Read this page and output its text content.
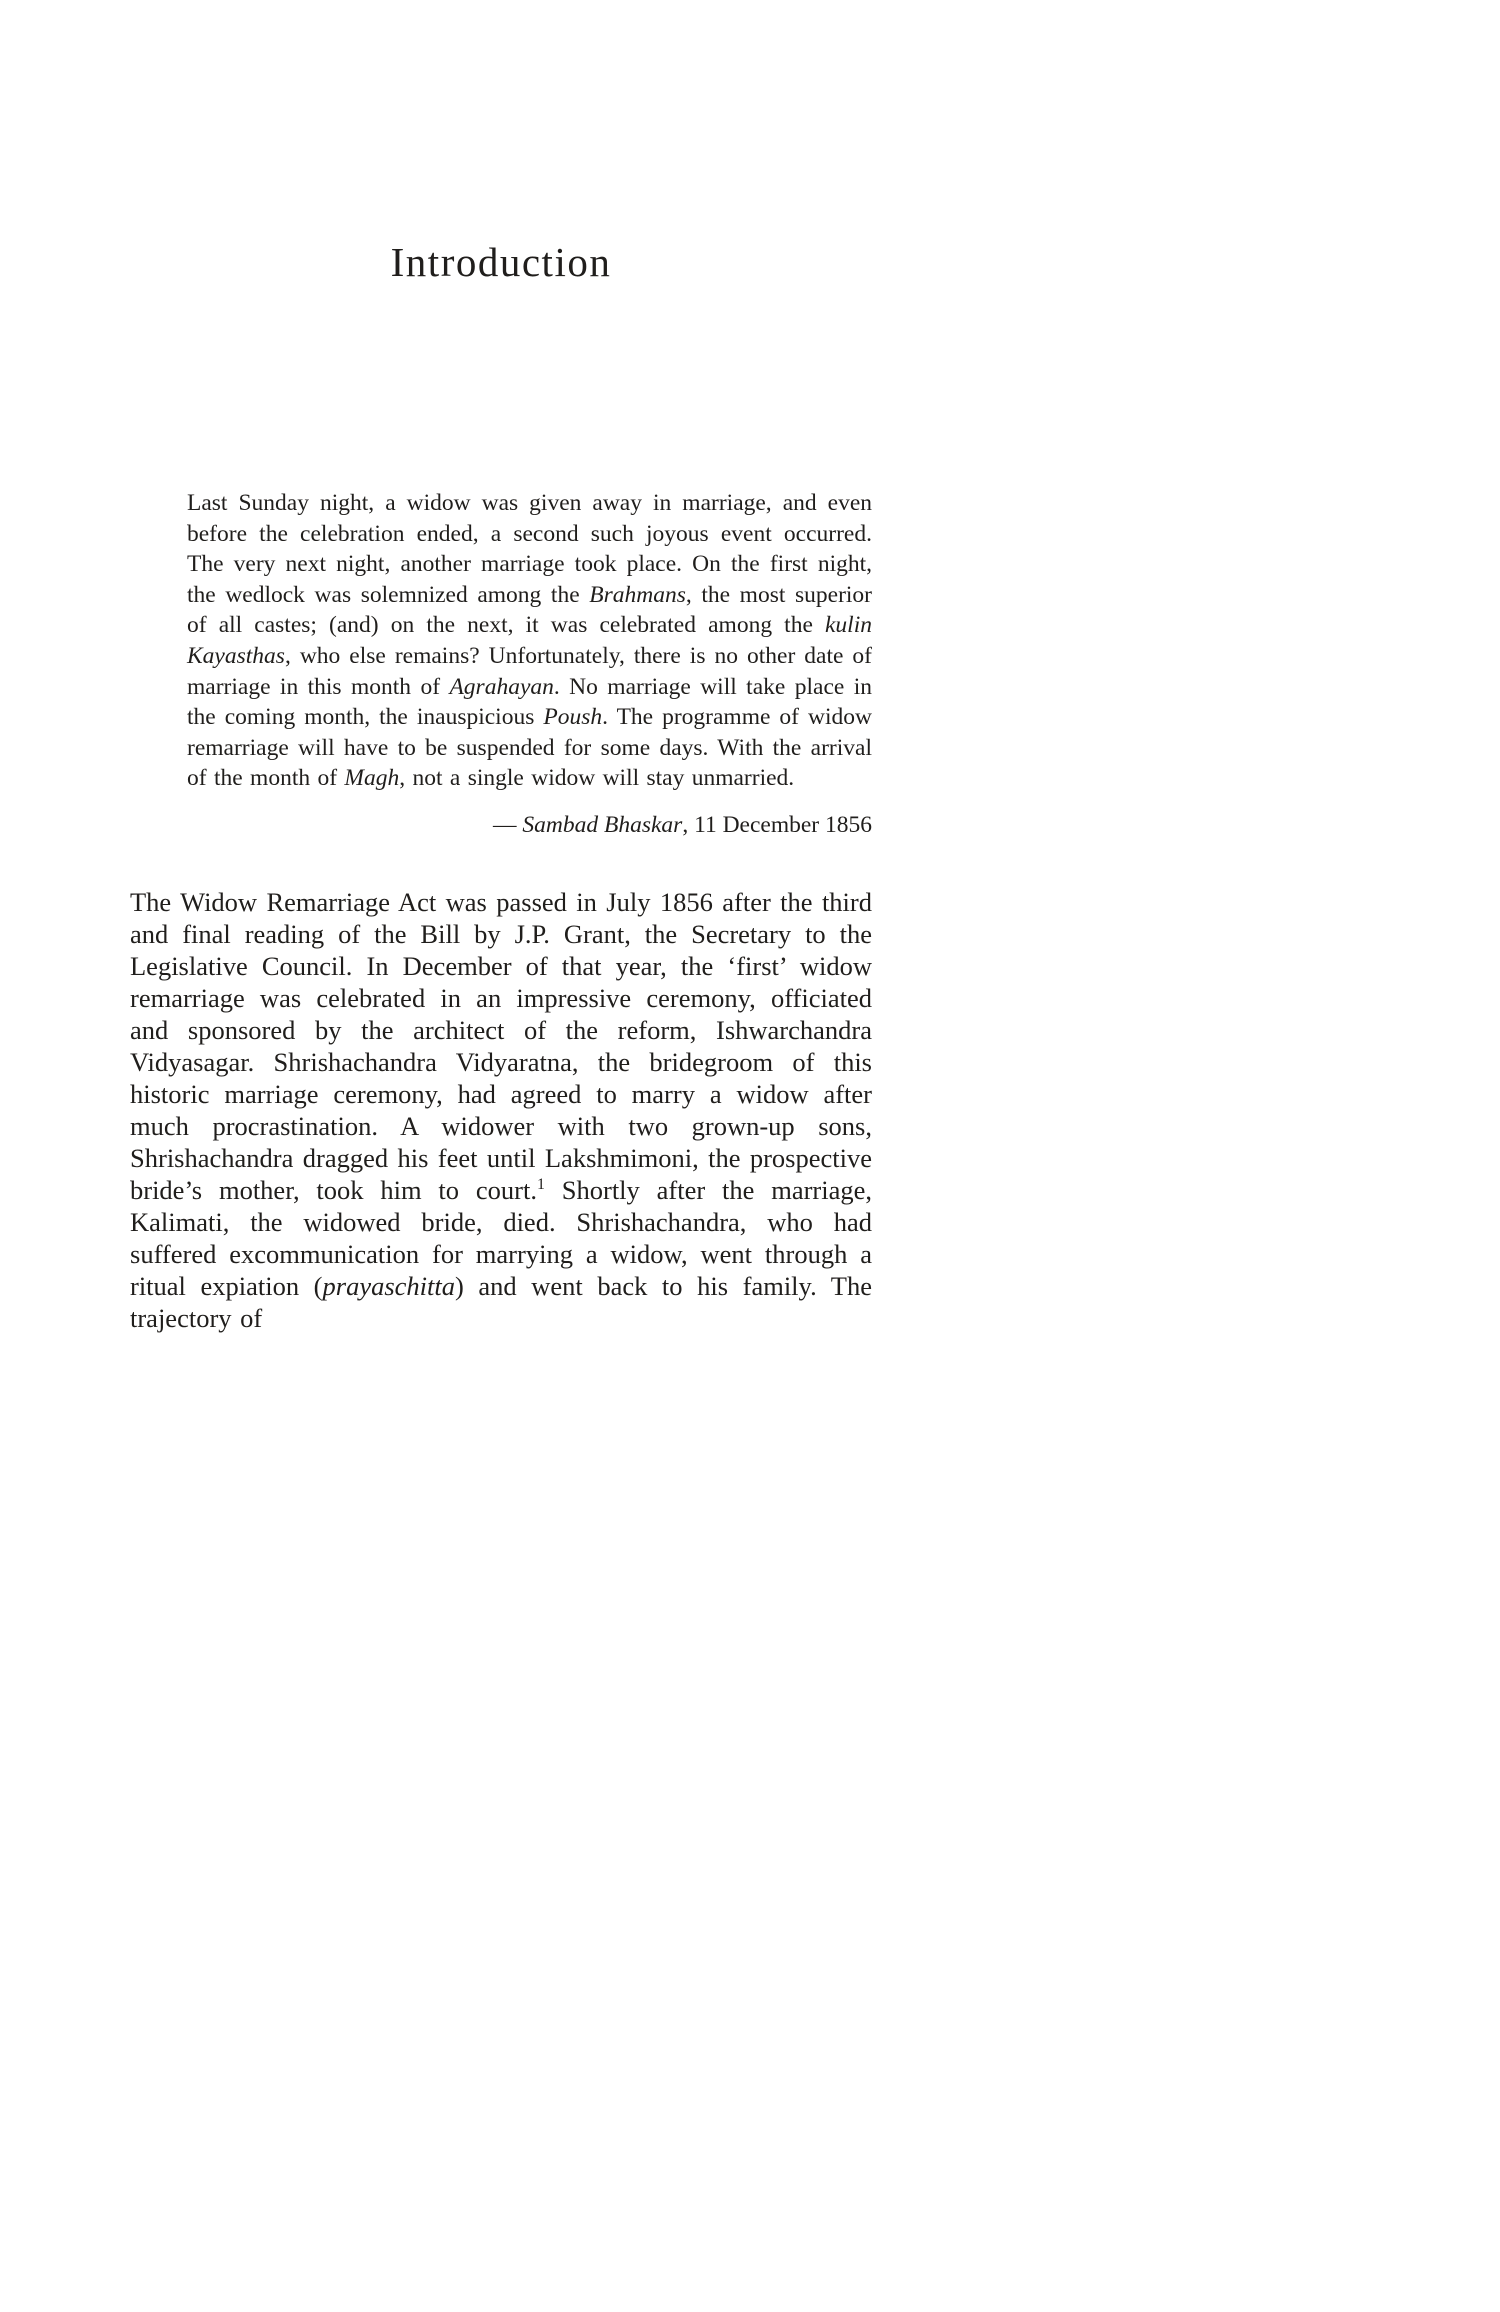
Introduction

Last Sunday night, a widow was given away in marriage, and even before the celebration ended, a second such joyous event occurred. The very next night, another marriage took place. On the first night, the wedlock was solemnized among the Brahmans, the most superior of all castes; (and) on the next, it was celebrated among the kulin Kayasthas, who else remains? Unfortunately, there is no other date of marriage in this month of Agrahayan. No marriage will take place in the coming month, the inauspicious Poush. The programme of widow remarriage will have to be suspended for some days. With the arrival of the month of Magh, not a single widow will stay unmarried.

— Sambad Bhaskar, 11 December 1856

The Widow Remarriage Act was passed in July 1856 after the third and final reading of the Bill by J.P. Grant, the Secretary to the Legislative Council. In December of that year, the ‘first’ widow remarriage was celebrated in an impressive ceremony, officiated and sponsored by the architect of the reform, Ishwarchandra Vidyasagar. Shrishachandra Vidyaratna, the bridegroom of this historic marriage ceremony, had agreed to marry a widow after much procrastination. A widower with two grown-up sons, Shrishachandra dragged his feet until Lakshmimoni, the prospective bride’s mother, took him to court.$^1$ Shortly after the marriage, Kalimati, the widowed bride, died. Shrishachandra, who had suffered excommunication for marrying a widow, went through a ritual expiation (prayaschitta) and went back to his family. The trajectory of
